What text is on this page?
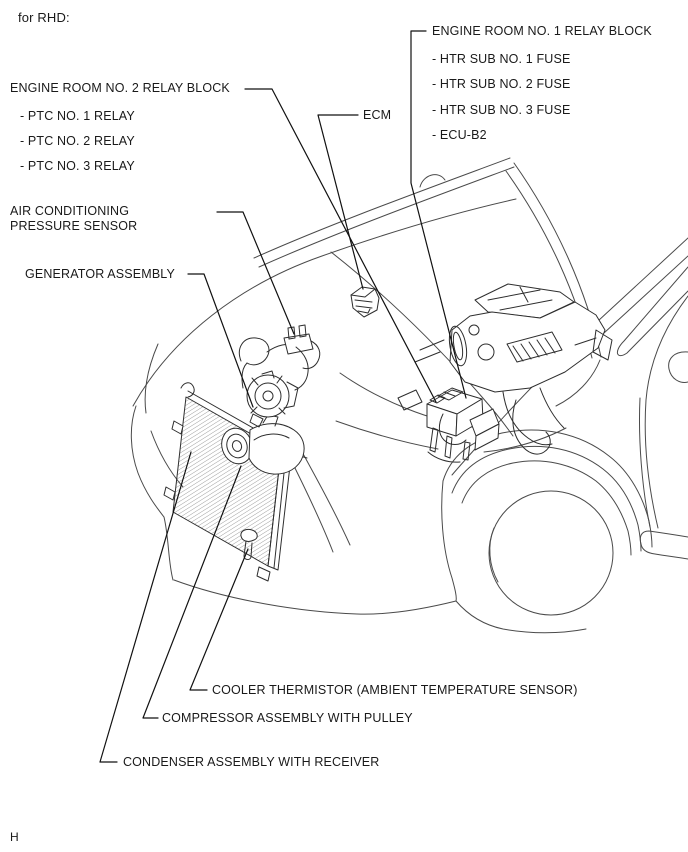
for RHD:
ENGINE ROOM NO. 2 RELAY BLOCK
- PTC NO. 1 RELAY
- PTC NO. 2 RELAY
- PTC NO. 3 RELAY
ENGINE ROOM NO. 1 RELAY BLOCK
- HTR SUB NO. 1 FUSE
- HTR SUB NO. 2 FUSE
- HTR SUB NO. 3 FUSE
- ECU-B2
ECM
AIR CONDITIONING PRESSURE SENSOR
GENERATOR ASSEMBLY
COOLER THERMISTOR (AMBIENT TEMPERATURE SENSOR)
COMPRESSOR ASSEMBLY WITH PULLEY
CONDENSER ASSEMBLY WITH RECEIVER
H
